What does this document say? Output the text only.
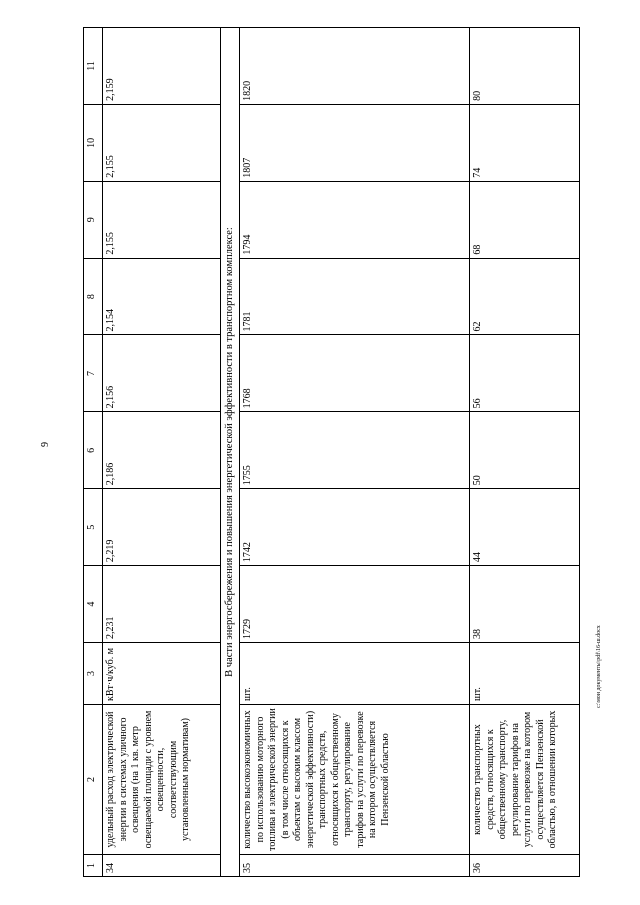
9
1	2	3	4	5	6	7	8	9	10	11
34	удельный расход электрической энергии в системах уличного освещения (на 1 кв. метр освещаемой площади с уровнем освещенности, соответствующим установленным нормативам)	кВт·ч/куб. м	2,231	2,219	2,186	2,156	2,154	2,155	2,155	2,159
В части энергосбережения и повышения энергетической эффективности в транспортном комплексе:										
35	количество высокоэкономичных по использованию моторного топлива и электрической энергии (в том числе относящихся к объектам с высоким классом энергетической эффективности) транспортных средств, относящихся к общественному транспорту, регулирование тарифов на услуги по перевозке на котором осуществляется Пензенской областью	шт.	1729	1742	1755	1768	1781	1794	1807	1820
36	количество транспортных средств, относящихся к общественному транспорту, регулирование тарифов на услуги по перевозке на котором осуществляется Пензенской областью, в отношении которых	шт.	38	44	50	56	62	68	74	80
c:\мои документы\pdf\16-ш.docx
